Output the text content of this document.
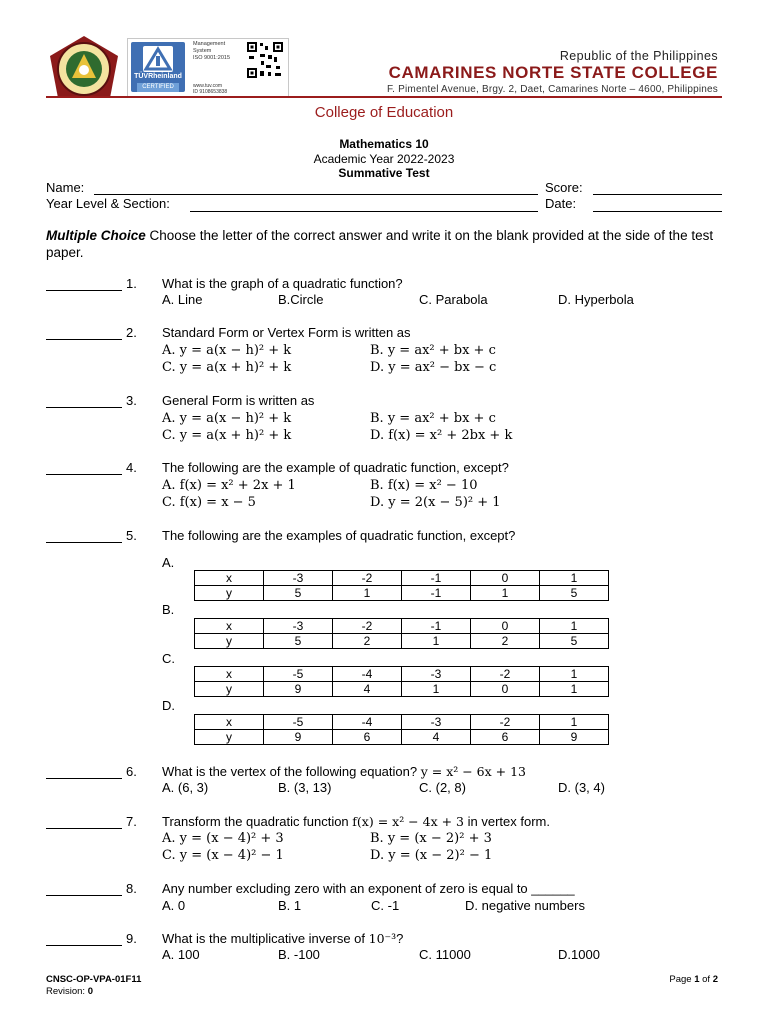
TÜVRheinland
CERTIFIED
Management
System
ISO 9001:2015
www.tuv.com
ID 9108653838
Republic of the Philippines
CAMARINES NORTE STATE COLLEGE
F. Pimentel Avenue, Brgy. 2, Daet, Camarines Norte – 4600, Philippines
College of Education
Mathematics 10
Academic Year 2022-2023
Summative Test
Name:	Score:
Year Level & Section:	Date:
Multiple Choice Choose the letter of the correct answer and write it on the blank provided at the side of the test paper.
1. What is the graph of a quadratic function?
A. Line	B.Circle	C. Parabola	D. Hyperbola
2. Standard Form or Vertex Form is written as
A. y = a(x − h)² + k	B. y = ax² + bx + c
C. y = a(x + h)² + k	D. y = ax² − bx − c
3. General Form is written as
A. y = a(x − h)² + k	B. y = ax² + bx + c
C. y = a(x + h)² + k	D. f(x) = x² + 2bx + k
4. The following are the example of quadratic function, except?
A. f(x) = x² + 2x + 1	B. f(x) = x² − 10
C. f(x) = x − 5	D. y = 2(x − 5)² + 1
5. The following are the examples of quadratic function, except?
A.
x	-3	-2	-1	0	1
y	5	1	-1	1	5
B.
x	-3	-2	-1	0	1
y	5	2	1	2	5
C.
x	-5	-4	-3	-2	1
y	9	4	1	0	1
D.
x	-5	-4	-3	-2	1
y	9	6	4	6	9
6. What is the vertex of the following equation? y = x² − 6x + 13
A. (6, 3)	B. (3, 13)	C. (2, 8)	D. (3, 4)
7. Transform the quadratic function f(x) = x² − 4x + 3 in vertex form.
A. y = (x − 4)² + 3	B. y = (x − 2)² + 3
C. y = (x − 4)² − 1	D. y = (x − 2)² − 1
8. Any number excluding zero with an exponent of zero is equal to ______
A. 0	B. 1	C. -1	D. negative numbers
9. What is the multiplicative inverse of 10⁻³?
A. 100	B. -100	C. 11000	D.1000
CNSC-OP-VPA-01F11
Revision: 0
Page 1 of 2
